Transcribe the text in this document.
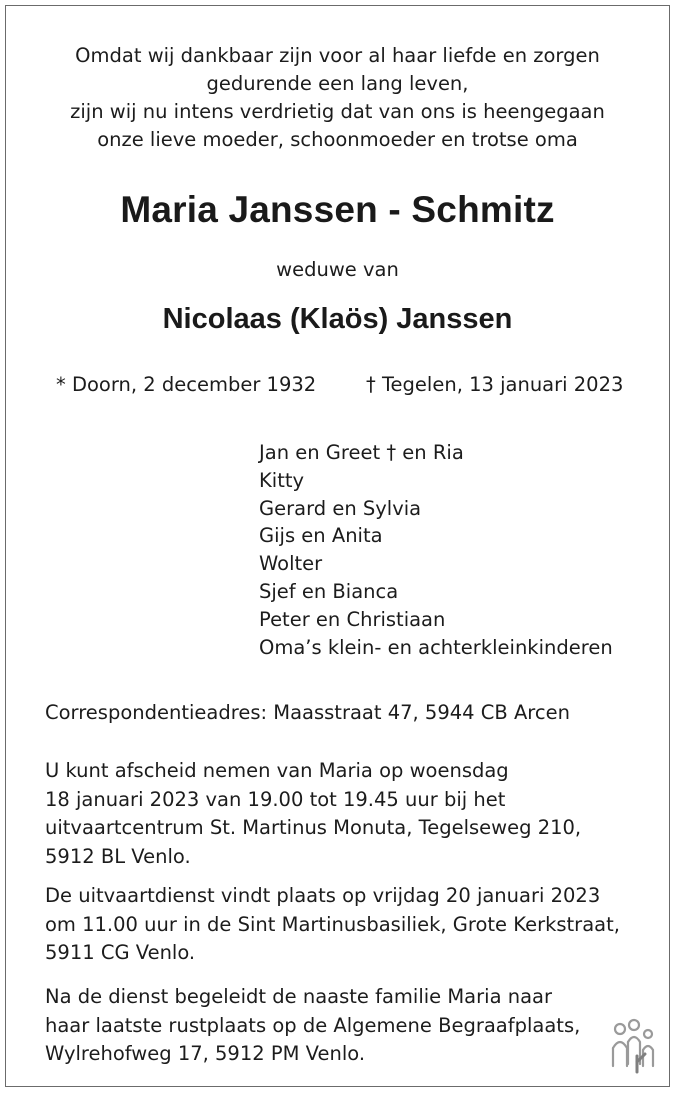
Omdat wij dankbaar zijn voor al haar liefde en zorgen
gedurende een lang leven,
zijn wij nu intens verdrietig dat van ons is heengegaan
onze lieve moeder, schoonmoeder en trotse oma
Maria Janssen - Schmitz
weduwe van
Nicolaas (Klaös) Janssen
* Doorn, 2 december 1932	† Tegelen, 13 januari 2023
Jan en Greet † en Ria
Kitty
Gerard en Sylvia
Gijs en Anita
Wolter
Sjef en Bianca
Peter en Christiaan
Oma’s klein- en achterkleinkinderen
Correspondentieadres: Maasstraat 47, 5944 CB Arcen
U kunt afscheid nemen van Maria op woensdag
18 januari 2023 van 19.00 tot 19.45 uur bij het
uitvaartcentrum St. Martinus Monuta, Tegelseweg 210,
5912 BL Venlo.
De uitvaartdienst vindt plaats op vrijdag 20 januari 2023
om 11.00 uur in de Sint Martinusbasiliek, Grote Kerkstraat,
5911 CG Venlo.
Na de dienst begeleidt de naaste familie Maria naar
haar laatste rustplaats op de Algemene Begraafplaats,
Wylrehofweg 17, 5912 PM Venlo.
